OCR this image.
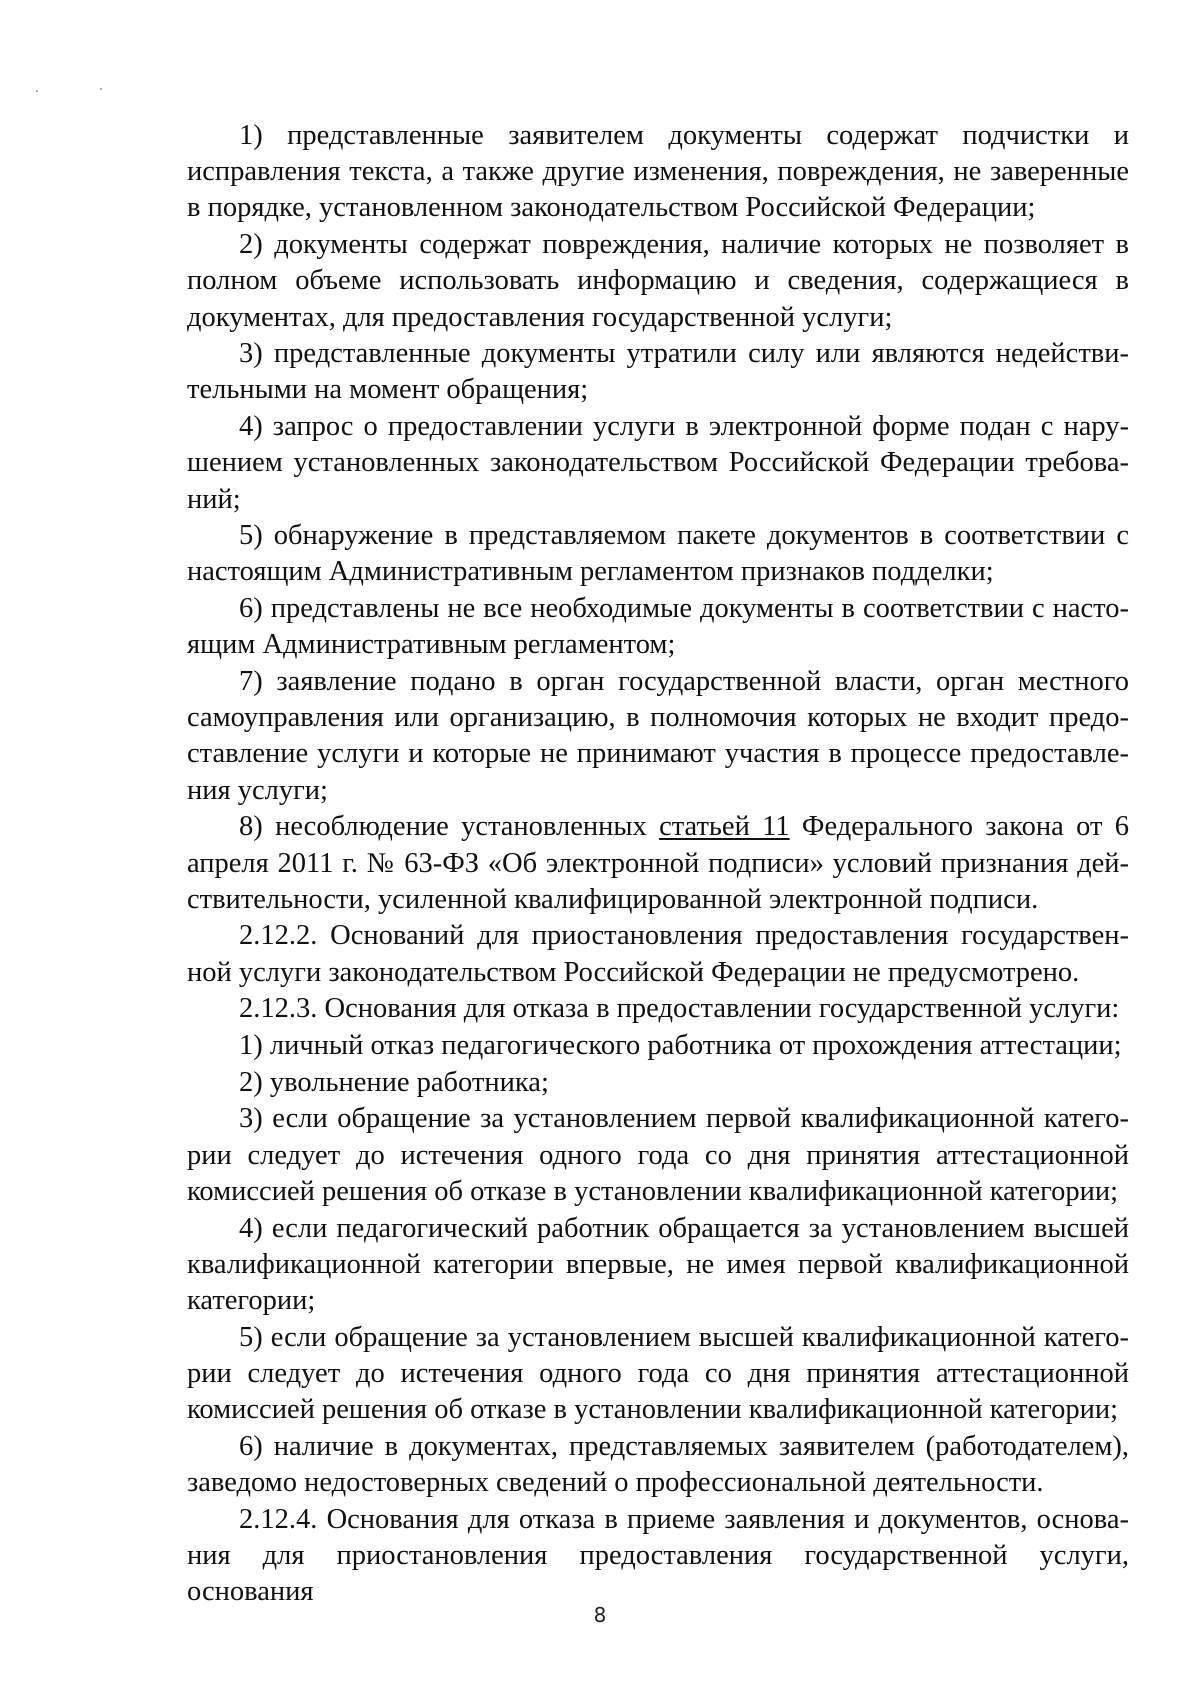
1) представленные заявителем документы содержат подчистки и исправления текста, а также другие изменения, повреждения, не заверенные в порядке, установленном законодательством Российской Федерации;

2) документы содержат повреждения, наличие которых не позволяет в полном объеме использовать информацию и сведения, содержащиеся в документах, для предоставления государственной услуги;

3) представленные документы утратили силу или являются недействительными на момент обращения;

4) запрос о предоставлении услуги в электронной форме подан с нарушением установленных законодательством Российской Федерации требований;

5) обнаружение в представляемом пакете документов в соответствии с настоящим Административным регламентом признаков подделки;

6) представлены не все необходимые документы в соответствии с настоящим Административным регламентом;

7) заявление подано в орган государственной власти, орган местного самоуправления или организацию, в полномочия которых не входит предоставление услуги и которые не принимают участия в процессе предоставления услуги;

8) несоблюдение установленных статьей 11 Федерального закона от 6 апреля 2011 г. № 63-ФЗ «Об электронной подписи» условий признания действительности, усиленной квалифицированной электронной подписи.

2.12.2. Оснований для приостановления предоставления государственной услуги законодательством Российской Федерации не предусмотрено.

2.12.3. Основания для отказа в предоставлении государственной услуги:

1) личный отказ педагогического работника от прохождения аттестации;

2) увольнение работника;

3) если обращение за установлением первой квалификационной категории следует до истечения одного года со дня принятия аттестационной комиссией решения об отказе в установлении квалификационной категории;

4) если педагогический работник обращается за установлением высшей квалификационной категории впервые, не имея первой квалификационной категории;

5) если обращение за установлением высшей квалификационной категории следует до истечения одного года со дня принятия аттестационной комиссией решения об отказе в установлении квалификационной категории;

6) наличие в документах, представляемых заявителем (работодателем), заведомо недостоверных сведений о профессиональной деятельности.

2.12.4. Основания для отказа в приеме заявления и документов, основания для приостановления предоставления государственной услуги, основания

8
